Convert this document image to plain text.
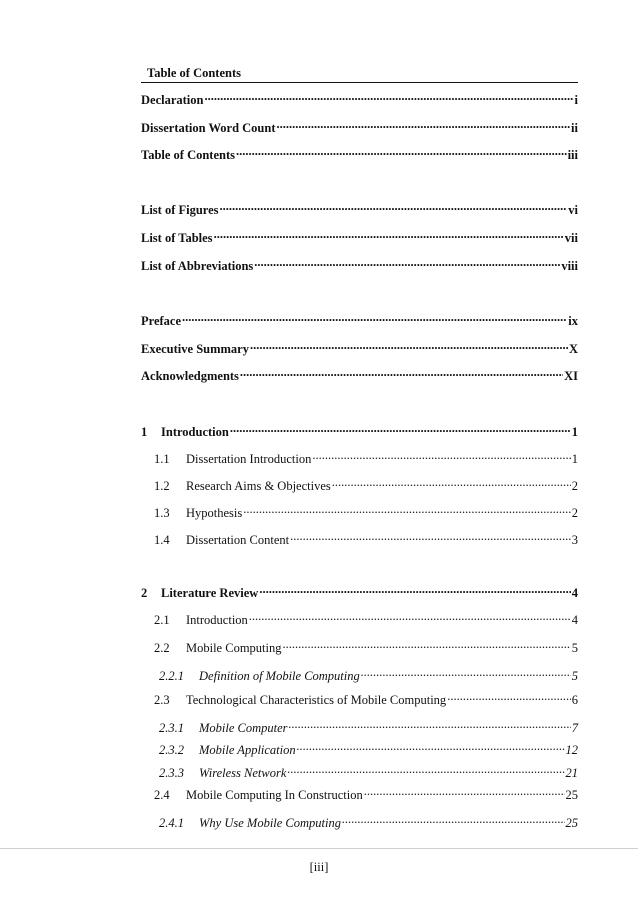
Table of Contents
Declaration .....	i
Dissertation Word Count .....	ii
Table of Contents .....	iii
List of Figures .....	vi
List of Tables .....	vii
List of Abbreviations .....	viii
Preface .....	ix
Executive Summary .....	X
Acknowledgments .....	XI
1	Introduction .....	1
1.1	Dissertation Introduction .....	1
1.2	Research Aims & Objectives .....	2
1.3	Hypothesis .....	2
1.4	Dissertation Content .....	3
2	Literature Review .....	4
2.1	Introduction .....	4
2.2	Mobile Computing .....	5
2.2.1	Definition of Mobile Computing .....	5
2.3	Technological Characteristics of Mobile Computing .....	6
2.3.1	Mobile Computer .....	7
2.3.2	Mobile Application .....	12
2.3.3	Wireless Network .....	21
2.4	Mobile Computing In Construction .....	25
2.4.1	Why Use Mobile Computing .....	25
[iii]
